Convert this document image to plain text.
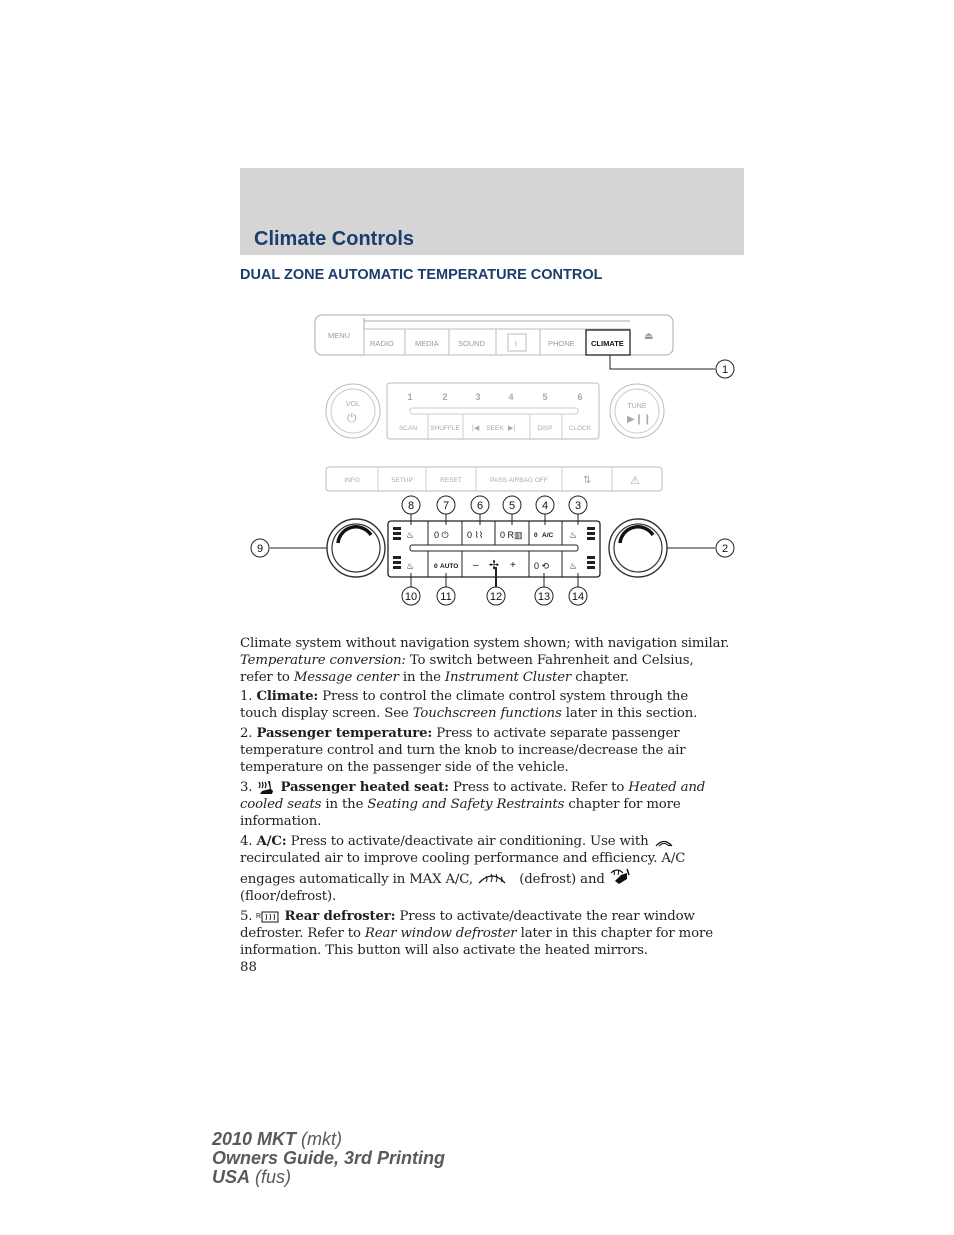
Climate Controls
DUAL ZONE AUTOMATIC TEMPERATURE CONTROL
MENU
RADIO	MEDIA	SOUND	i	PHONE CLIMATE
⏏
VOL	TUNE
⏻	▶❙❙
1	2	3	4	5	6
SCAN SHUFFLE	SEEK	DISP CLOCK
|◀	▶|
INFO	SETUP	RESET	PASS AIRBAG OFF	⇅	⚠
♨ 0 ⏻ 0 ⌇⌇ 0 R▥	♨
♨	✢	0 ⟲ ♨
0 A/C
0 AUTO –	+
1
2
3
4
5
6
7
8
9
10 11	12	13 14

Climate system without navigation system shown; with navigation similar.
Temperature conversion: To switch between Fahrenheit and Celsius,
refer to Message center in the Instrument Cluster chapter.

1. Climate: Press to control the climate control system through the
touch display screen. See Touchscreen functions later in this section.

2. Passenger temperature: Press to activate separate passenger
temperature control and turn the knob to increase/decrease the air
temperature on the passenger side of the vehicle.

3.  Passenger heated seat: Press to activate. Refer to Heated and
cooled seats in the Seating and Safety Restraints chapter for more
information.

4. A/C: Press to activate/deactivate air conditioning. Use with
recirculated air to improve cooling performance and efficiency. A/C
engages automatically in MAX A/C,	(defrost) and
(floor/defrost).

5. R Rear defroster: Press to activate/deactivate the rear window
defroster. Refer to Rear window defroster later in this chapter for more
information. This button will also activate the heated mirrors.

88
2010 MKT (mkt)
Owners Guide, 3rd Printing
USA (fus)
